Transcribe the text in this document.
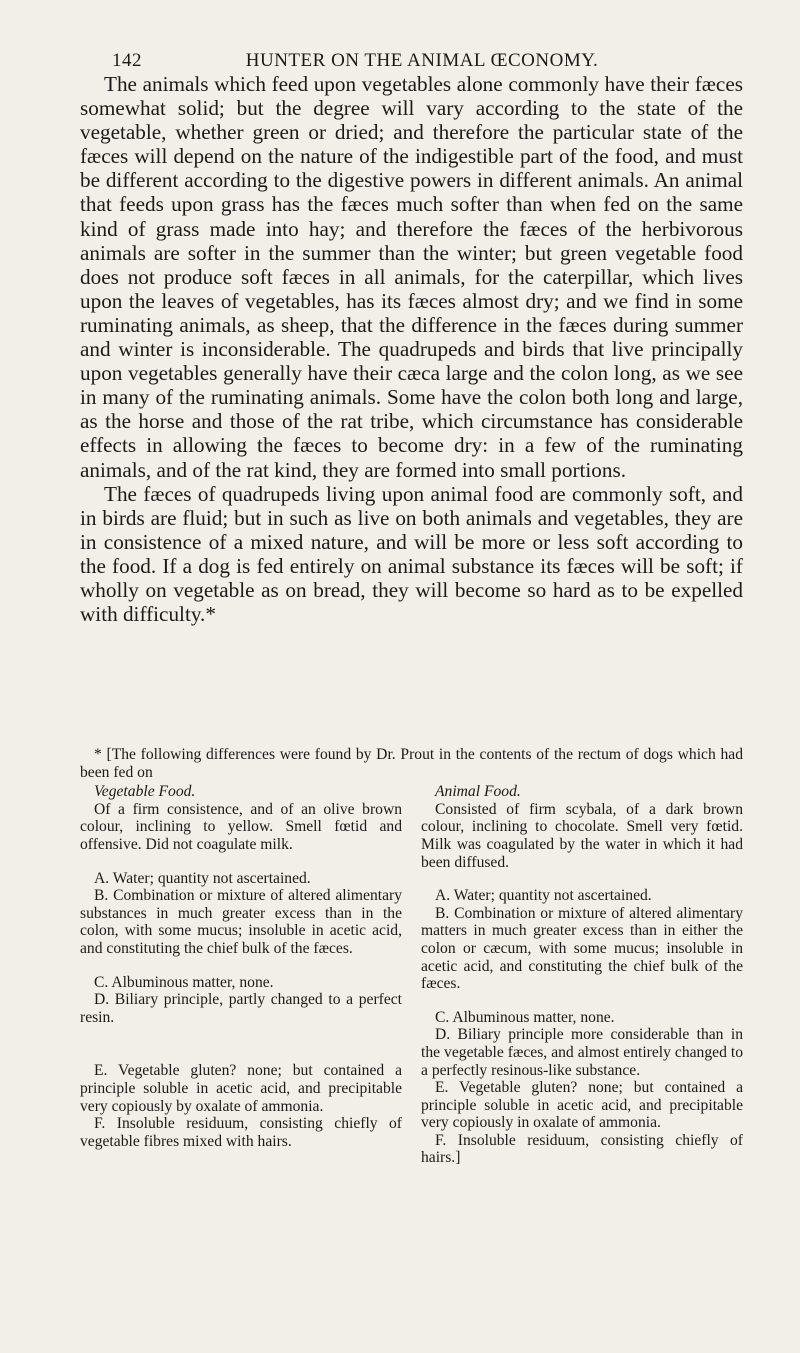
142	HUNTER ON THE ANIMAL ŒCONOMY.

The animals which feed upon vegetables alone commonly have their fæces somewhat solid; but the degree will vary according to the state of the vegetable, whether green or dried; and therefore the particular state of the fæces will depend on the nature of the indigestible part of the food, and must be different according to the digestive powers in different animals. An animal that feeds upon grass has the fæces much softer than when fed on the same kind of grass made into hay; and therefore the fæces of the herbivorous animals are softer in the summer than the winter; but green vegetable food does not produce soft fæces in all animals, for the caterpillar, which lives upon the leaves of vegetables, has its fæces almost dry; and we find in some ruminating animals, as sheep, that the difference in the fæces during summer and winter is inconsiderable. The quadrupeds and birds that live principally upon vegetables generally have their cæca large and the colon long, as we see in many of the ruminating animals. Some have the colon both long and large, as the horse and those of the rat tribe, which circumstance has considerable effects in allowing the fæces to become dry: in a few of the ruminating animals, and of the rat kind, they are formed into small portions.

The fæces of quadrupeds living upon animal food are commonly soft, and in birds are fluid; but in such as live on both animals and vegetables, they are in consistence of a mixed nature, and will be more or less soft according to the food. If a dog is fed entirely on animal substance its fæces will be soft; if wholly on vegetable as on bread, they will become so hard as to be expelled with difficulty.*

* [The following differences were found by Dr. Prout in the contents of the rectum of dogs which had been fed on

Vegetable Food.

Of a firm consistence, and of an olive brown colour, inclining to yellow. Smell fœtid and offensive. Did not coagulate milk.

A. Water; quantity not ascertained.

B. Combination or mixture of altered alimentary substances in much greater excess than in the colon, with some mucus; insoluble in acetic acid, and constituting the chief bulk of the fæces.

C. Albuminous matter, none.

D. Biliary principle, partly changed to a perfect resin.

E. Vegetable gluten? none; but contained a principle soluble in acetic acid, and precipitable very copiously by oxalate of ammonia.

F. Insoluble residuum, consisting chiefly of vegetable fibres mixed with hairs.

Animal Food.

Consisted of firm scybala, of a dark brown colour, inclining to chocolate. Smell very fœtid. Milk was coagulated by the water in which it had been diffused.

A. Water; quantity not ascertained.

B. Combination or mixture of altered alimentary matters in much greater excess than in either the colon or cæcum, with some mucus; insoluble in acetic acid, and constituting the chief bulk of the fæces.

C. Albuminous matter, none.

D. Biliary principle more considerable than in the vegetable fæces, and almost entirely changed to a perfectly resinous-like substance.

E. Vegetable gluten? none; but contained a principle soluble in acetic acid, and precipitable very copiously in oxalate of ammonia.

F. Insoluble residuum, consisting chiefly of hairs.]
